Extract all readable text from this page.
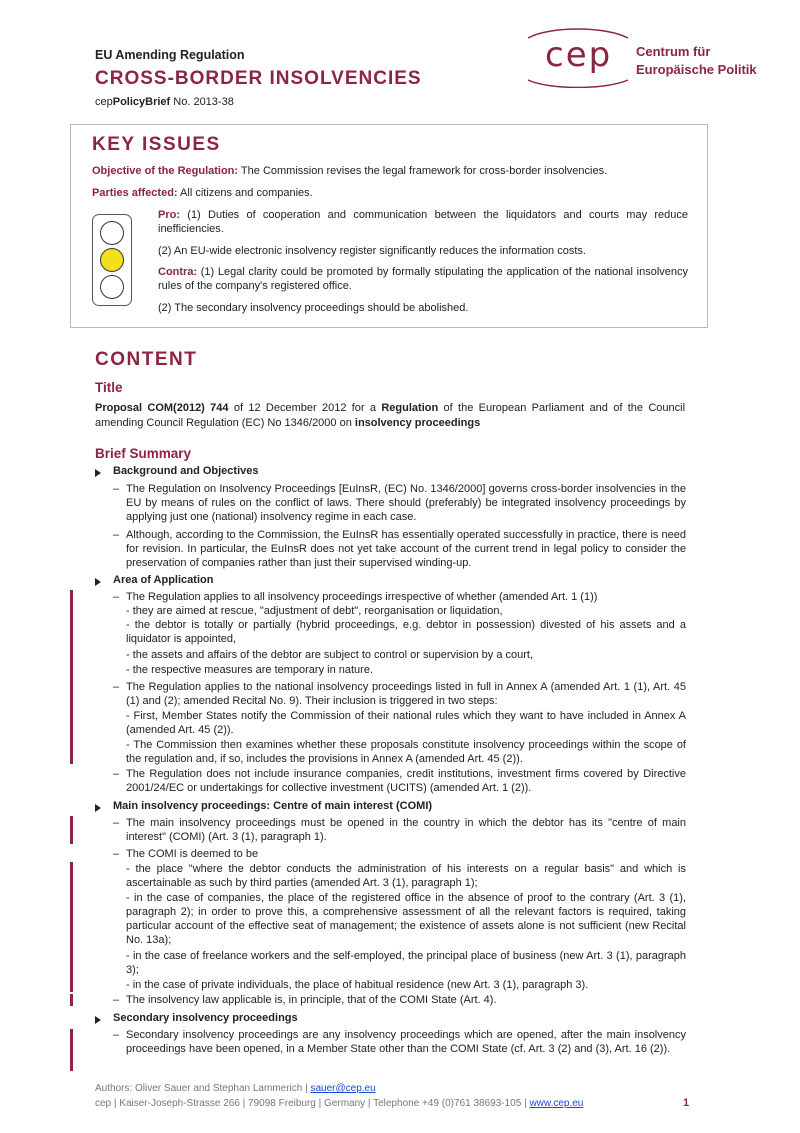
EU Amending Regulation
CROSS-BORDER INSOLVENCIES
cepPolicyBrief No. 2013-38
cep Centrum für
Europäische Politik
KEY ISSUES
Objective of the Regulation: The Commission revises the legal framework for cross-border insolvencies.
Parties affected: All citizens and companies.
Pro: (1) Duties of cooperation and communication between the liquidators and courts may reduce inefficiencies.
(2) An EU-wide electronic insolvency register significantly reduces the information costs.
Contra: (1) Legal clarity could be promoted by formally stipulating the application of the national insolvency rules of the company's registered office.
(2) The secondary insolvency proceedings should be abolished.
CONTENT
Title
Proposal COM(2012) 744 of 12 December 2012 for a Regulation of the European Parliament and of the Council amending Council Regulation (EC) No 1346/2000 on insolvency proceedings
Brief Summary
Background and Objectives
– The Regulation on Insolvency Proceedings [EuInsR, (EC) No. 1346/2000] governs cross-border insolvencies in the EU by means of rules on the conflict of laws. There should (preferably) be integrated insolvency proceedings by applying just one (national) insolvency regime in each case.
– Although, according to the Commission, the EuInsR has essentially operated successfully in practice, there is need for revision. In particular, the EuInsR does not yet take account of the current trend in legal policy to consider the preservation of companies rather than just their supervised winding-up.
Area of Application
– The Regulation applies to all insolvency proceedings irrespective of whether (amended Art. 1 (1))
- they are aimed at rescue, "adjustment of debt", reorganisation or liquidation,
- the debtor is totally or partially (hybrid proceedings, e.g. debtor in possession) divested of his assets and a liquidator is appointed,
- the assets and affairs of the debtor are subject to control or supervision by a court,
- the respective measures are temporary in nature.
– The Regulation applies to the national insolvency proceedings listed in full in Annex A (amended Art. 1 (1), Art. 45 (1) and (2); amended Recital No. 9). Their inclusion is triggered in two steps:
- First, Member States notify the Commission of their national rules which they want to have included in Annex A (amended Art. 45 (2)).
- The Commission then examines whether these proposals constitute insolvency proceedings within the scope of the regulation and, if so, includes the provisions in Annex A (amended Art. 45 (2)).
– The Regulation does not include insurance companies, credit institutions, investment firms covered by Directive 2001/24/EC or undertakings for collective investment (UCITS) (amended Art. 1 (2)).
Main insolvency proceedings: Centre of main interest (COMI)
– The main insolvency proceedings must be opened in the country in which the debtor has its "centre of main interest" (COMI) (Art. 3 (1), paragraph 1).
– The COMI is deemed to be
- the place "where the debtor conducts the administration of his interests on a regular basis" and which is ascertainable as such by third parties (amended Art. 3 (1), paragraph 1);
- in the case of companies, the place of the registered office in the absence of proof to the contrary (Art. 3 (1), paragraph 2); in order to prove this, a comprehensive assessment of all the relevant factors is required, taking particular account of the effective seat of management; the existence of assets alone is not sufficient (new Recital No. 13a);
- in the case of freelance workers and the self-employed, the principal place of business (new Art. 3 (1), paragraph 3);
- in the case of private individuals, the place of habitual residence (new Art. 3 (1), paragraph 3).
– The insolvency law applicable is, in principle, that of the COMI State (Art. 4).
Secondary insolvency proceedings
– Secondary insolvency proceedings are any insolvency proceedings which are opened, after the main insolvency proceedings have been opened, in a Member State other than the COMI State (cf. Art. 3 (2) and (3), Art. 16 (2)).
Authors: Oliver Sauer and Stephan Lammerich | sauer@cep.eu
cep | Kaiser-Joseph-Strasse 266 | 79098 Freiburg | Germany | Telephone +49 (0)761 38693-105 | www.cep.eu	1
